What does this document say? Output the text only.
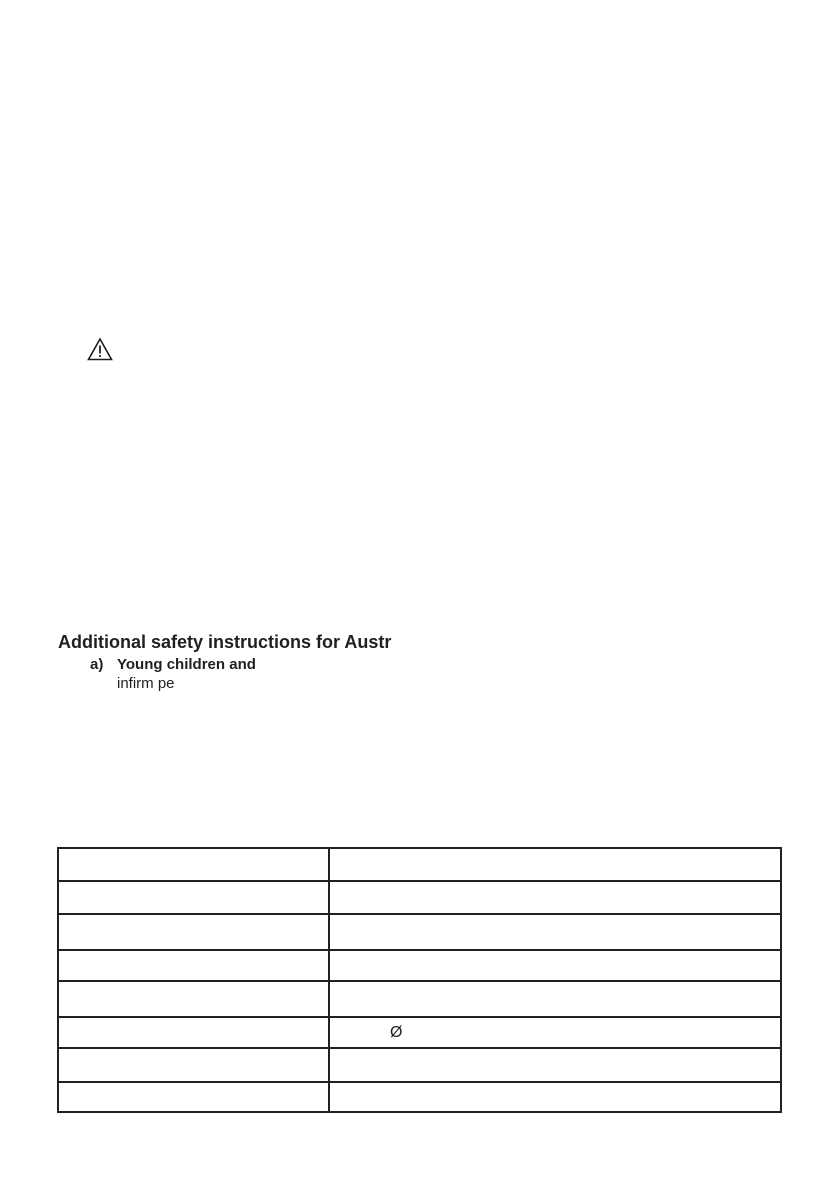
Additional safety instructions for Austr
a) Young children and
infirm pe

	Ø
